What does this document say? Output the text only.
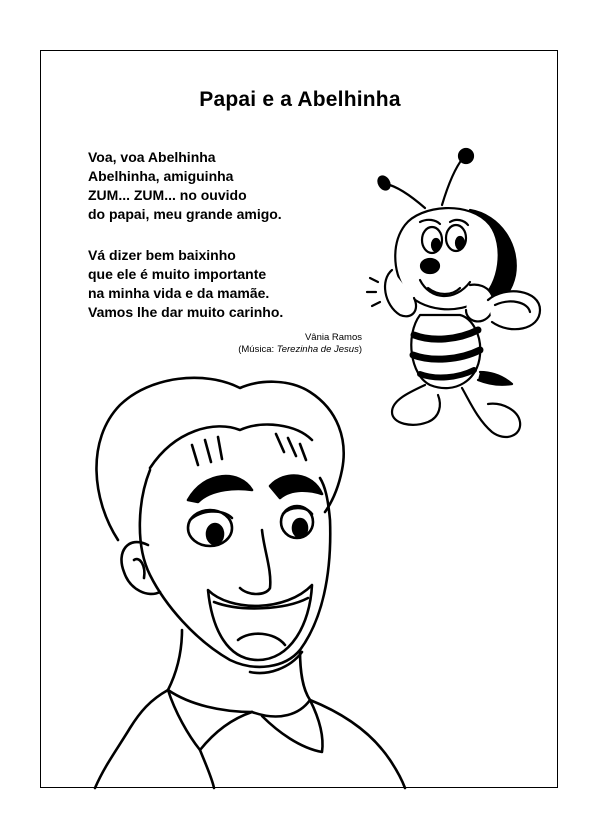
Papai e a Abelhinha
Voa, voa Abelhinha
Abelhinha, amiguinha
ZUM... ZUM... no ouvido
do papai, meu grande amigo.
Vá dizer bem baixinho
que ele é muito importante
na minha vida e da mamãe.
Vamos lhe dar muito carinho.
Vânia Ramos
(Música: Terezinha de Jesus)
